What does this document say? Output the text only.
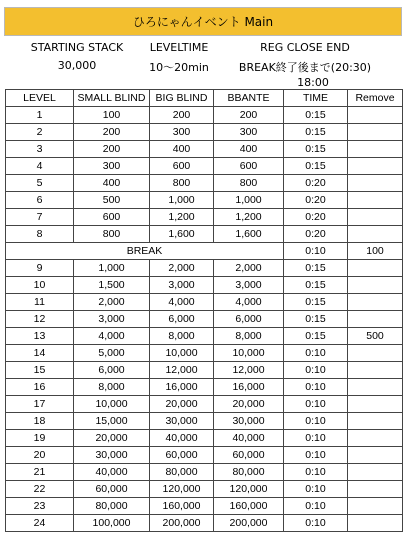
ひろにゃんイベント Main
STARTING STACK
30,000
LEVELTIME
10〜20min
REG CLOSE END
BREAK終了後まで(20:30)
18:00
LEVEL	SMALL BLIND	BIG BLIND	BBANTE	TIME	Remove
1	100	200	200	0:15	
2	200	300	300	0:15	
3	200	400	400	0:15	
4	300	600	600	0:15	
5	400	800	800	0:20	
6	500	1,000	1,000	0:20	
7	600	1,200	1,200	0:20	
8	800	1,600	1,600	0:20	
BREAK				0:10	100
9	1,000	2,000	2,000	0:15	
10	1,500	3,000	3,000	0:15	
11	2,000	4,000	4,000	0:15	
12	3,000	6,000	6,000	0:15	
13	4,000	8,000	8,000	0:15	500
14	5,000	10,000	10,000	0:10	
15	6,000	12,000	12,000	0:10	
16	8,000	16,000	16,000	0:10	
17	10,000	20,000	20,000	0:10	
18	15,000	30,000	30,000	0:10	
19	20,000	40,000	40,000	0:10	
20	30,000	60,000	60,000	0:10	
21	40,000	80,000	80,000	0:10	
22	60,000	120,000	120,000	0:10	
23	80,000	160,000	160,000	0:10	
24	100,000	200,000	200,000	0:10	
